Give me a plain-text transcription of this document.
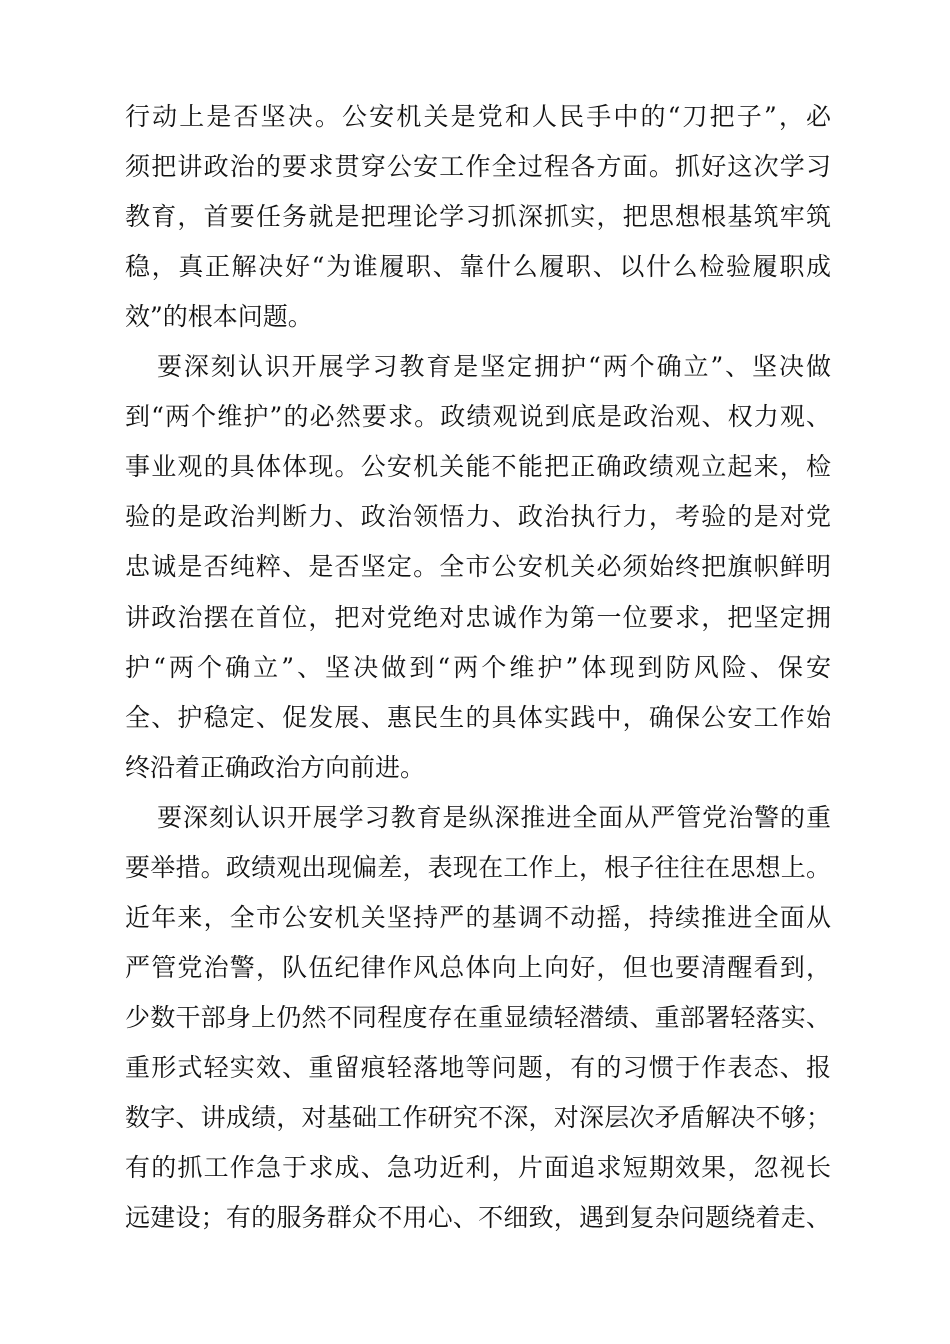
行动上是否坚决。公安机关是党和人民手中的“刀把子”，必
须把讲政治的要求贯穿公安工作全过程各方面。抓好这次学习
教育，首要任务就是把理论学习抓深抓实，把思想根基筑牢筑
稳，真正解决好“为谁履职、靠什么履职、以什么检验履职成
效”的根本问题。
要深刻认识开展学习教育是坚定拥护“两个确立”、坚决做
到“两个维护”的必然要求。政绩观说到底是政治观、权力观、
事业观的具体体现。公安机关能不能把正确政绩观立起来，检
验的是政治判断力、政治领悟力、政治执行力，考验的是对党
忠诚是否纯粹、是否坚定。全市公安机关必须始终把旗帜鲜明
讲政治摆在首位，把对党绝对忠诚作为第一位要求，把坚定拥
护“两个确立”、坚决做到“两个维护”体现到防风险、保安
全、护稳定、促发展、惠民生的具体实践中，确保公安工作始
终沿着正确政治方向前进。
要深刻认识开展学习教育是纵深推进全面从严管党治警的重
要举措。政绩观出现偏差，表现在工作上，根子往往在思想上。
近年来，全市公安机关坚持严的基调不动摇，持续推进全面从
严管党治警，队伍纪律作风总体向上向好，但也要清醒看到，
少数干部身上仍然不同程度存在重显绩轻潜绩、重部署轻落实、
重形式轻实效、重留痕轻落地等问题，有的习惯于作表态、报
数字、讲成绩，对基础工作研究不深，对深层次矛盾解决不够；
有的抓工作急于求成、急功近利，片面追求短期效果，忽视长
远建设；有的服务群众不用心、不细致，遇到复杂问题绕着走、
